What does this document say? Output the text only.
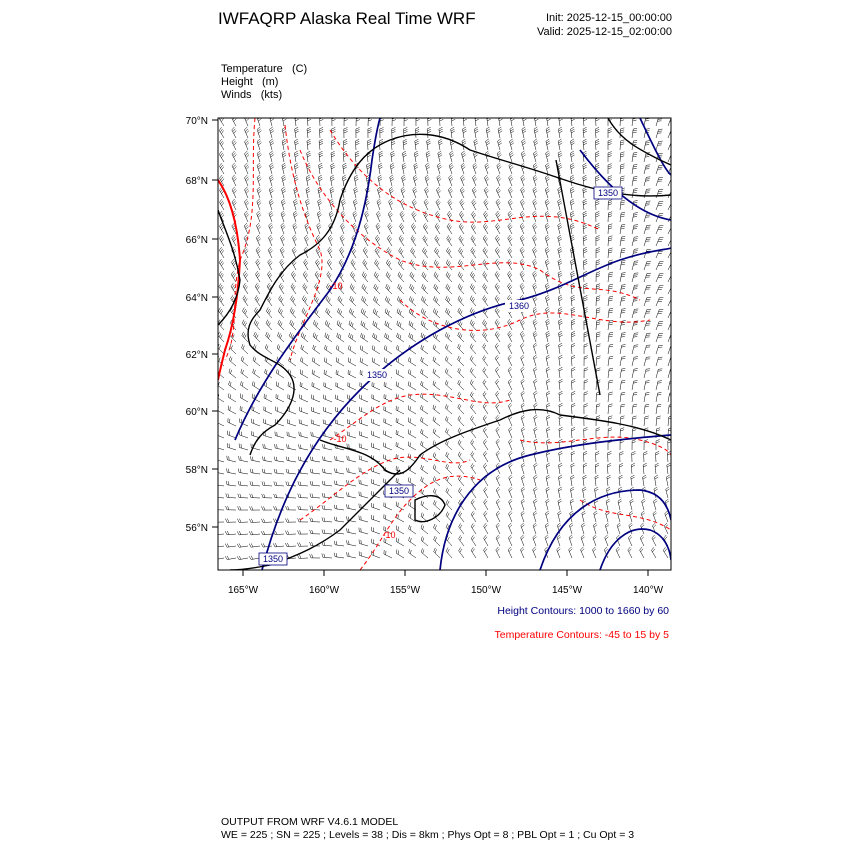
IWFAQRP Alaska Real Time WRF	Init: 2025-12-15_00:00:00
Valid: 2025-12-15_02:00:00
Temperature (C)
Height (m)
Winds (kts)
70°N
68°N
66°N
64°N
62°N
60°N
58°N
56°N
165°W	160°W	155°W	150°W	145°W	140°W
1350
1360
1350
1350
1350
-10
-10
-10
Height Contours: 1000 to 1660 by 60
Temperature Contours: -45 to 15 by 5
OUTPUT FROM WRF V4.6.1 MODEL
WE = 225 ; SN = 225 ; Levels = 38 ; Dis = 8km ; Phys Opt = 8 ; PBL Opt = 1 ; Cu Opt = 3
